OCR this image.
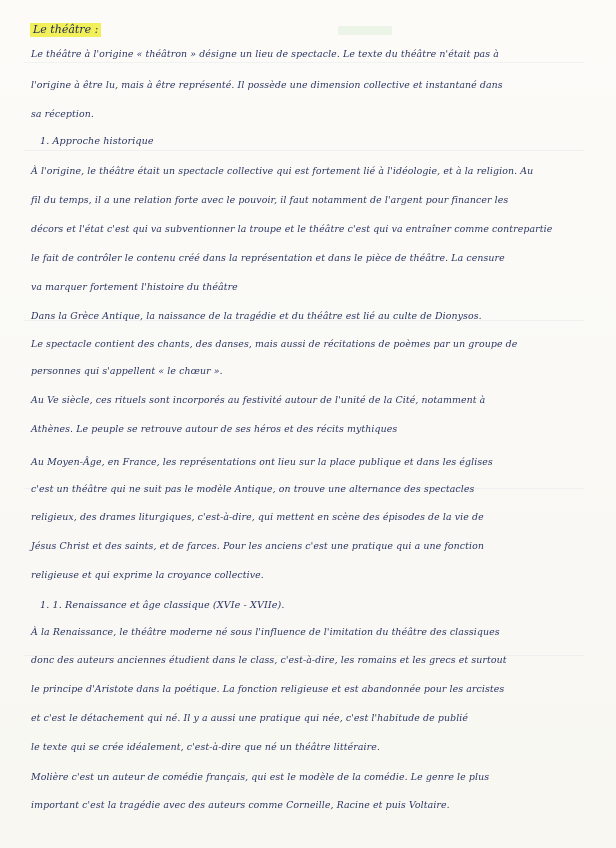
Le théâtre :
Le théâtre à l'origine « théâtron » désigne un lieu de spectacle. Le texte du théâtre n'était pas à
l'origine à être lu, mais à être représenté. Il possède une dimension collective et instantané dans
sa réception.
1. Approche historique
À l'origine, le théâtre était un spectacle collective qui est fortement lié à l'idéologie, et à la religion. Au
fil du temps, il a une relation forte avec le pouvoir, il faut notamment de l'argent pour financer les
décors et l'état c'est qui va subventionner la troupe et le théâtre c'est qui va entraîner comme contrepartie
le fait de contrôler le contenu créé dans la représentation et dans le pièce de théâtre. La censure
va marquer fortement l'histoire du théâtre
Dans la Grèce Antique, la naissance de la tragédie et du théâtre est lié au culte de Dionysos.
Le spectacle contient des chants, des danses, mais aussi de récitations de poèmes par un groupe de
personnes qui s'appellent « le chœur ».
Au Ve siècle, ces rituels sont incorporés au festivité autour de l'unité de la Cité, notamment à
Athènes. Le peuple se retrouve autour de ses héros et des récits mythiques
Au Moyen-Âge, en France, les représentations ont lieu sur la place publique et dans les églises
c'est un théâtre qui ne suit pas le modèle Antique, on trouve une alternance des spectacles
religieux, des drames liturgiques, c'est-à-dire, qui mettent en scène des épisodes de la vie de
Jésus Christ et des saints, et de farces. Pour les anciens c'est une pratique qui a une fonction
religieuse et qui exprime la croyance collective.
1. 1. Renaissance et âge classique (XVIe - XVIIe).
À la Renaissance, le théâtre moderne né sous l'influence de l'imitation du théâtre des classiques
donc des auteurs anciennes étudient dans le class, c'est-à-dire, les romains et les grecs et surtout
le principe d'Aristote dans la poétique. La fonction religieuse et est abandonnée pour les arcistes
et c'est le détachement qui né. Il y a aussi une pratique qui née, c'est l'habitude de publié
le texte qui se crée idéalement, c'est-à-dire que né un théâtre littéraire.
Molière c'est un auteur de comédie français, qui est le modèle de la comédie. Le genre le plus
important c'est la tragédie avec des auteurs comme Corneille, Racine et puis Voltaire.
